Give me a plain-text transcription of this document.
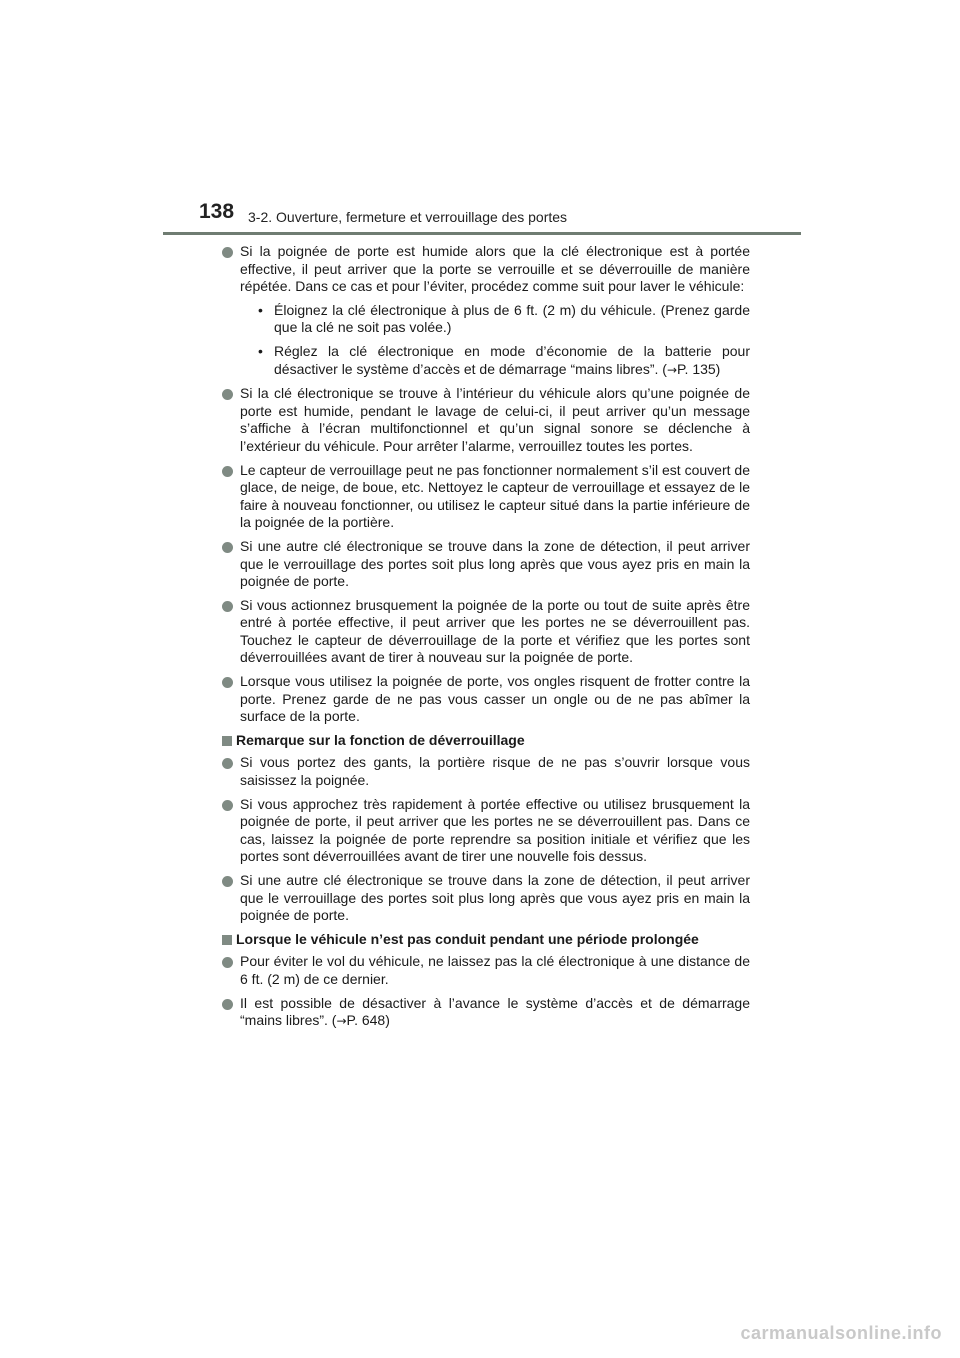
138 3-2. Ouverture, fermeture et verrouillage des portes
Si la poignée de porte est humide alors que la clé électronique est à portée effective, il peut arriver que la porte se verrouille et se déverrouille de manière répétée. Dans ce cas et pour l’éviter, procédez comme suit pour laver le véhicule:
• Éloignez la clé électronique à plus de 6 ft. (2 m) du véhicule. (Prenez garde que la clé ne soit pas volée.)
• Réglez la clé électronique en mode d’économie de la batterie pour désactiver le système d’accès et de démarrage “mains libres”. (→P. 135)
Si la clé électronique se trouve à l’intérieur du véhicule alors qu’une poignée de porte est humide, pendant le lavage de celui-ci, il peut arriver qu’un message s’affiche à l’écran multifonctionnel et qu’un signal sonore se déclenche à l’extérieur du véhicule. Pour arrêter l’alarme, verrouillez toutes les portes.
Le capteur de verrouillage peut ne pas fonctionner normalement s’il est couvert de glace, de neige, de boue, etc. Nettoyez le capteur de verrouillage et essayez de le faire à nouveau fonctionner, ou utilisez le capteur situé dans la partie inférieure de la poignée de la portière.
Si une autre clé électronique se trouve dans la zone de détection, il peut arriver que le verrouillage des portes soit plus long après que vous ayez pris en main la poignée de porte.
Si vous actionnez brusquement la poignée de la porte ou tout de suite après être entré à portée effective, il peut arriver que les portes ne se déverrouillent pas. Touchez le capteur de déverrouillage de la porte et vérifiez que les portes sont déverrouillées avant de tirer à nouveau sur la poignée de porte.
Lorsque vous utilisez la poignée de porte, vos ongles risquent de frotter contre la porte. Prenez garde de ne pas vous casser un ongle ou de ne pas abîmer la surface de la porte.
Remarque sur la fonction de déverrouillage
Si vous portez des gants, la portière risque de ne pas s’ouvrir lorsque vous saisissez la poignée.
Si vous approchez très rapidement à portée effective ou utilisez brusquement la poignée de porte, il peut arriver que les portes ne se déverrouillent pas. Dans ce cas, laissez la poignée de porte reprendre sa position initiale et vérifiez que les portes sont déverrouillées avant de tirer une nouvelle fois dessus.
Si une autre clé électronique se trouve dans la zone de détection, il peut arriver que le verrouillage des portes soit plus long après que vous ayez pris en main la poignée de porte.
Lorsque le véhicule n’est pas conduit pendant une période prolongée
Pour éviter le vol du véhicule, ne laissez pas la clé électronique à une distance de 6 ft. (2 m) de ce dernier.
Il est possible de désactiver à l’avance le système d’accès et de démarrage “mains libres”. (→P. 648)
carmanualsonline.info
